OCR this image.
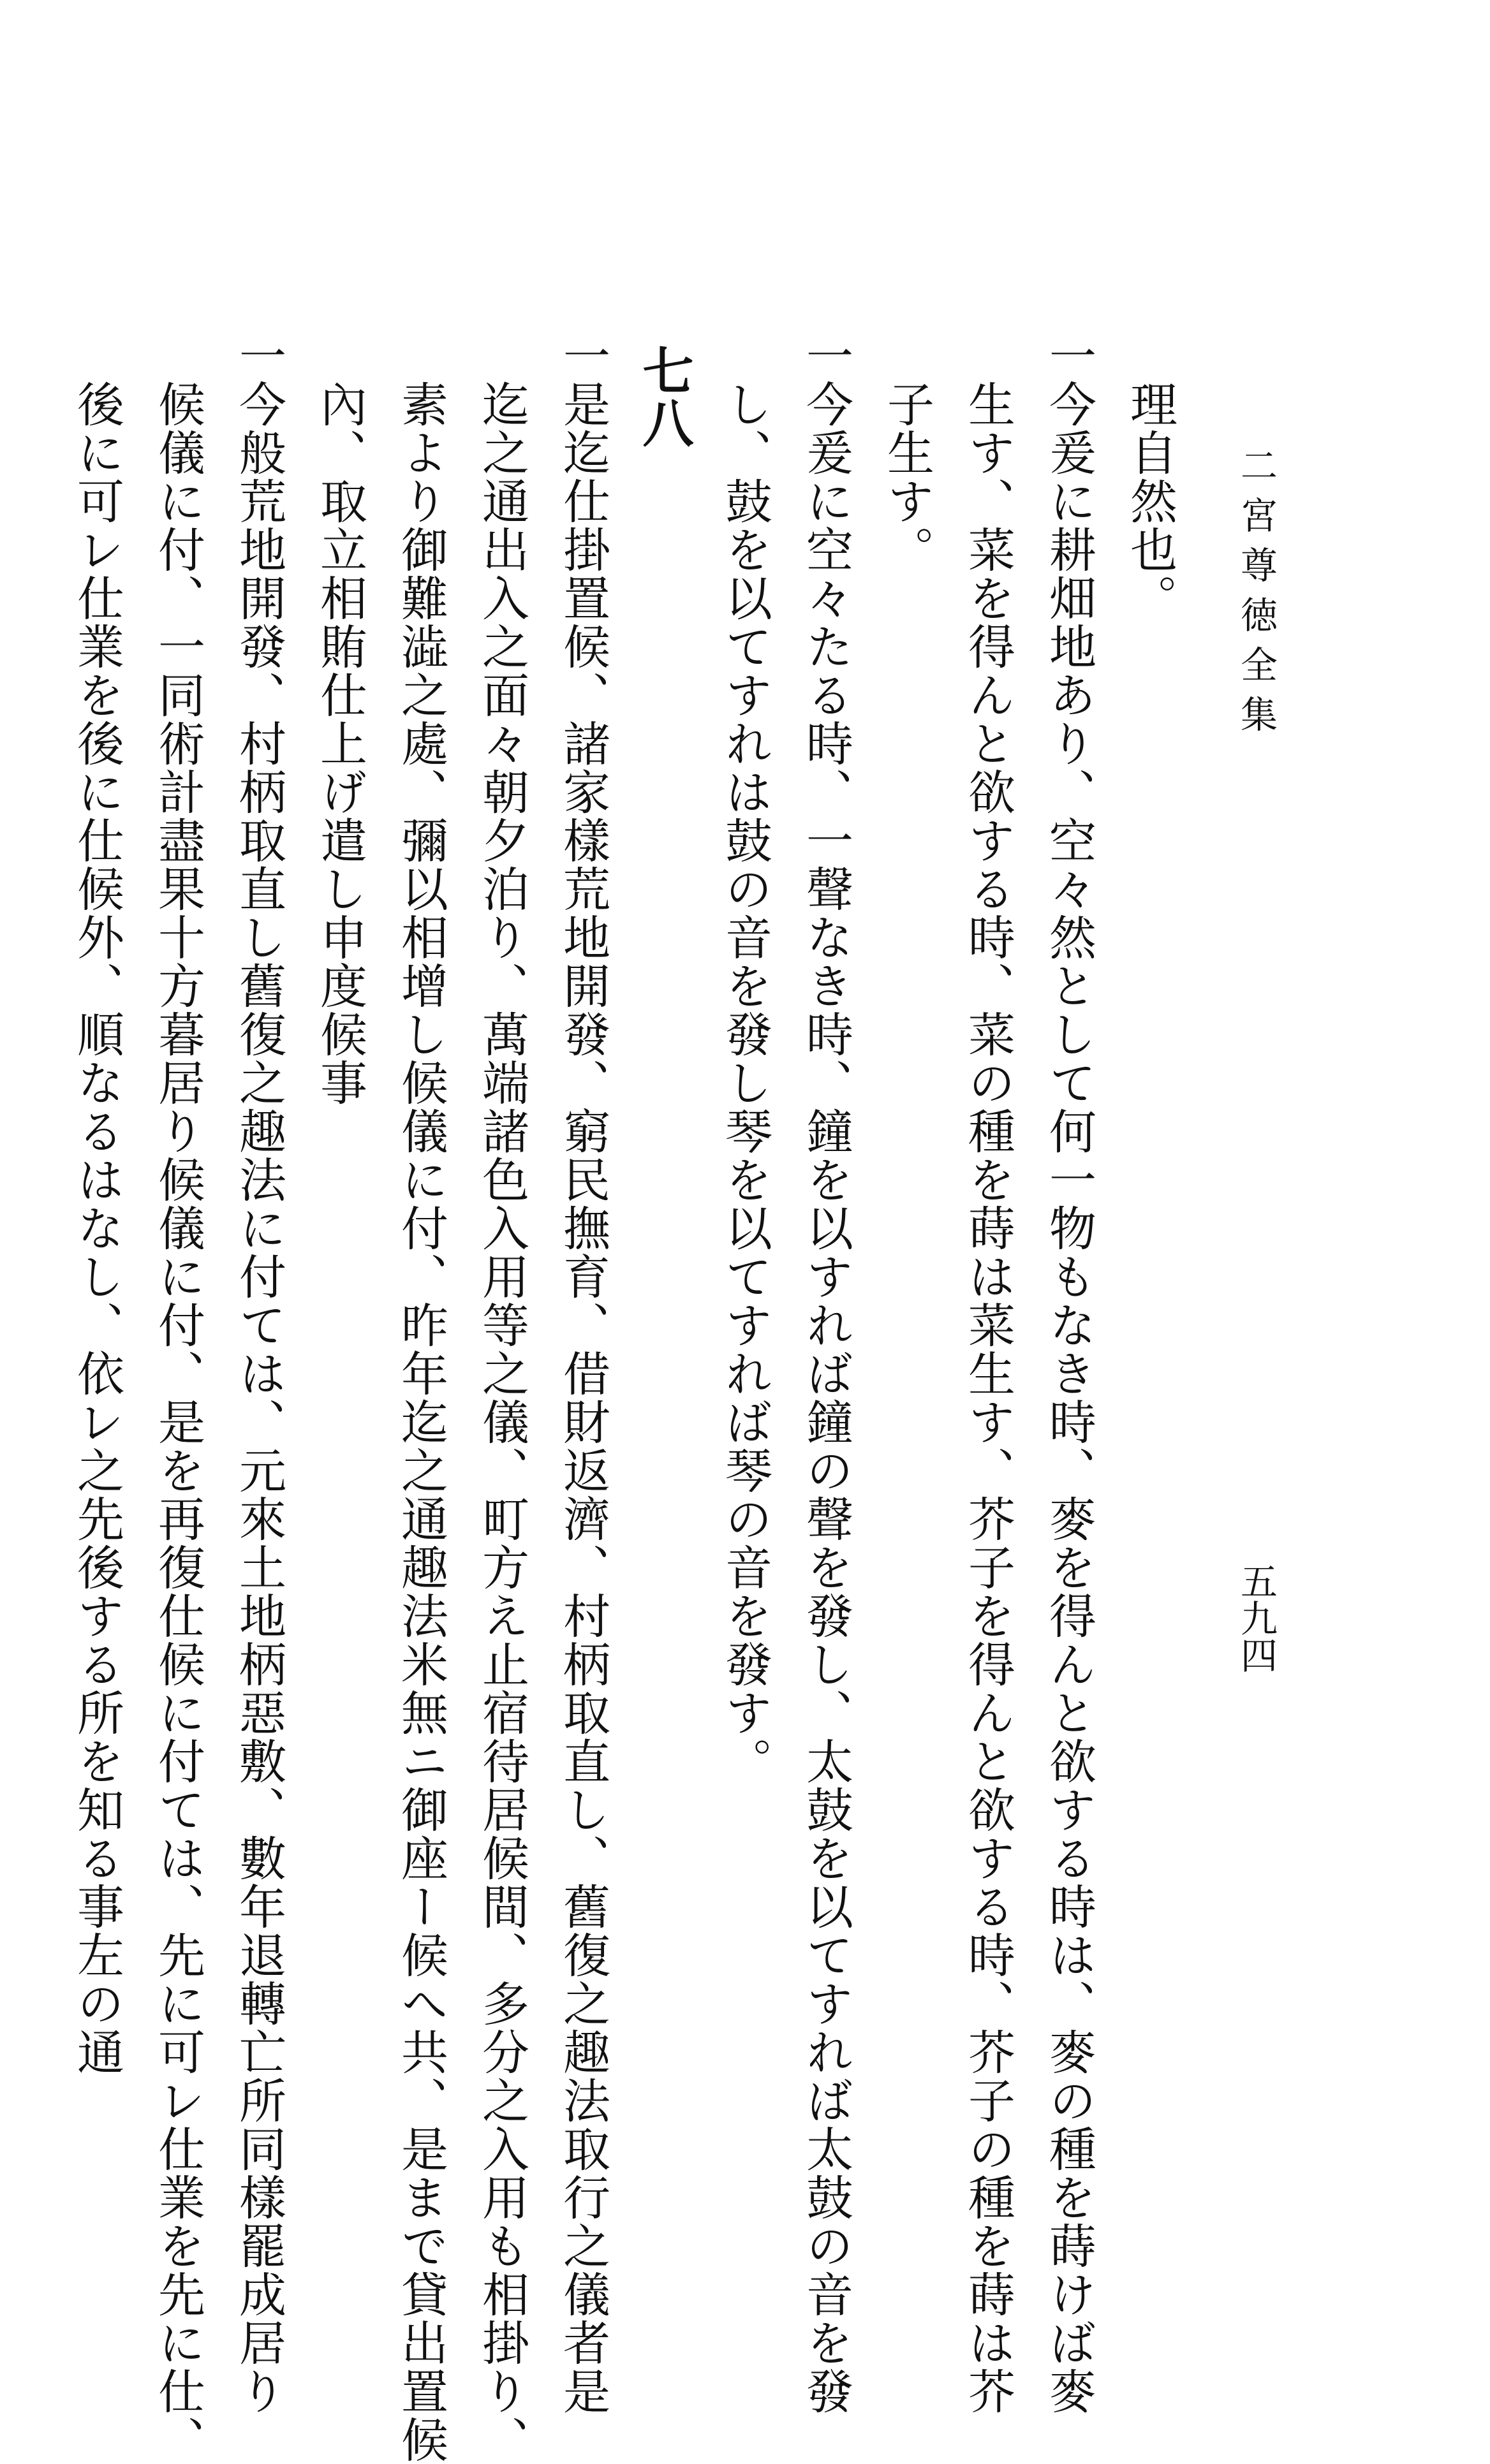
二宮尊徳全集
五九四
理自然也。
一今爰に耕畑地あり、空々然として何一物もなき時、麥を得んと欲する時は、麥の種を蒔けば麥
生す、菜を得んと欲する時、菜の種を蒔は菜生す、芥子を得んと欲する時、芥子の種を蒔は芥
子生す。
一今爰に空々たる時、一聲なき時、鐘を以すれば鐘の聲を發し、太鼓を以てすれば太鼓の音を發
し、鼓を以てすれは鼓の音を發し琴を以てすれば琴の音を發す。
七八
一是迄仕掛置候、諸家樣荒地開發、窮民撫育、借財返濟、村柄取直し、舊復之趣法取行之儀者是
迄之通出入之面々朝夕泊り、萬端諸色入用等之儀、町方え止宿待居候間、多分之入用も相掛り、
素より御難澁之處、彌以相增し候儀に付、昨年迄之通趣法米無ニ御座ー候へ共、是まで貸出置候
內、取立相賄仕上げ遣し申度候事
一今般荒地開發、村柄取直し舊復之趣法に付ては、元來土地柄惡敷、數年退轉亡所同樣罷成居り
候儀に付、一同術計盡果十方暮居り候儀に付、是を再復仕候に付ては、先に可レ仕業を先に仕、
後に可レ仕業を後に仕候外、順なるはなし、依レ之先後する所を知る事左の通
